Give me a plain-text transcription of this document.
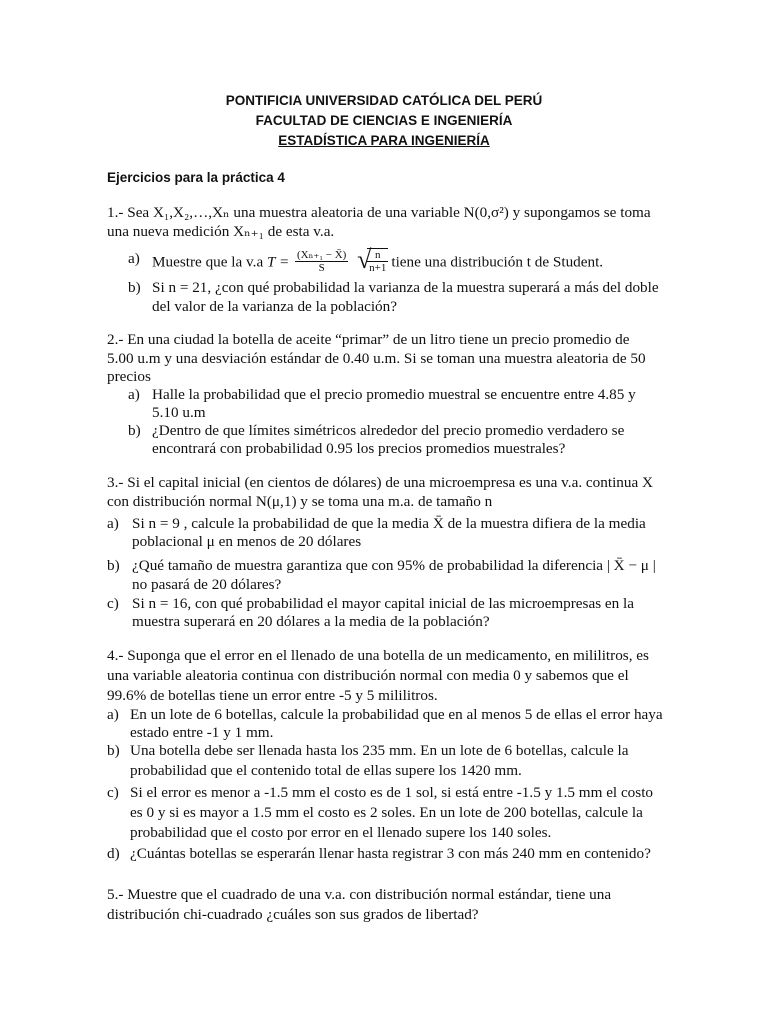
PONTIFICIA UNIVERSIDAD CATÓLICA DEL PERÚ
FACULTAD DE CIENCIAS E INGENIERÍA
ESTADÍSTICA PARA INGENIERÍA
Ejercicios para la práctica 4
1.- Sea X₁,X₂,…,Xₙ una muestra aleatoria de una variable N(0,σ²) y supongamos se toma
una nueva medición Xₙ₊₁ de esta v.a.
a) Muestre que la v.a $T = \frac{\text{(Xₙ₊₁ − X̄)}}{S}$
√
$\frac{n}{n+1}$ tiene una distribución t de Student.
b) Si n = 21, ¿con qué probabilidad la varianza de la muestra superará a más del doble
del valor de la varianza de la población?
2.- En una ciudad la botella de aceite “primar” de un litro tiene un precio promedio de
5.00 u.m y una desviación estándar de 0.40 u.m. Si se toman una muestra aleatoria de 50
precios
a) Halle la probabilidad que el precio promedio muestral se encuentre entre 4.85 y
5.10 u.m
b) ¿Dentro de que límites simétricos alrededor del precio promedio verdadero se
encontrará con probabilidad 0.95 los precios promedios muestrales?
3.- Si el capital inicial (en cientos de dólares) de una microempresa es una v.a. continua X
con distribución normal N(μ,1) y se toma una m.a. de tamaño n
a) Si n = 9 , calcule la probabilidad de que la media X̄ de la muestra difiera de la media
poblacional μ en menos de 20 dólares
b) ¿Qué tamaño de muestra garantiza que con 95% de probabilidad la diferencia | X̄ − μ |
no pasará de 20 dólares?
c) Si n = 16, con qué probabilidad el mayor capital inicial de las microempresas en la
muestra superará en 20 dólares a la media de la población?
4.- Suponga que el error en el llenado de una botella de un medicamento, en mililitros, es
una variable aleatoria continua con distribución normal con media 0 y sabemos que el
99.6% de botellas tiene un error entre -5 y 5 mililitros.
a) En un lote de 6 botellas, calcule la probabilidad que en al menos 5 de ellas el error haya
estado entre -1 y 1 mm.
b) Una botella debe ser llenada hasta los 235 mm. En un lote de 6 botellas, calcule la
probabilidad que el contenido total de ellas supere los 1420 mm.
c) Si el error es menor a -1.5 mm el costo es de 1 sol, si está entre -1.5 y 1.5 mm el costo
es 0 y si es mayor a 1.5 mm el costo es 2 soles. En un lote de 200 botellas, calcule la
probabilidad que el costo por error en el llenado supere los 140 soles.
d) ¿Cuántas botellas se esperarán llenar hasta registrar 3 con más 240 mm en contenido?
5.- Muestre que el cuadrado de una v.a. con distribución normal estándar, tiene una
distribución chi-cuadrado ¿cuáles son sus grados de libertad?
